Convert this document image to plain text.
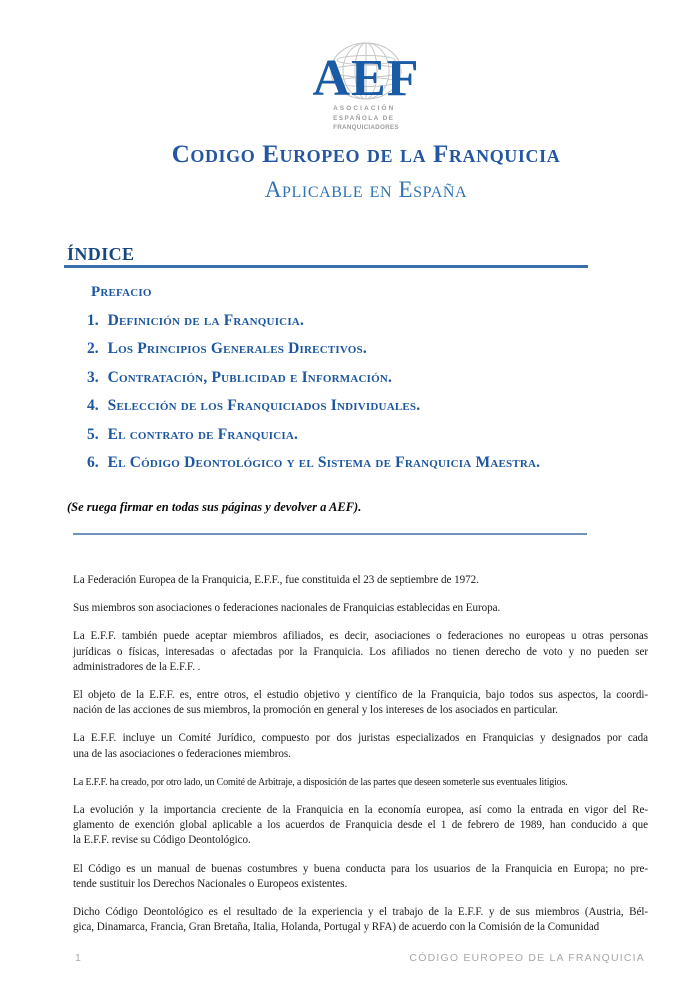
AEF
ASOCIACIÓN
ESPAÑOLA DE
FRANQUICIADORES
Codigo Europeo de la Franquicia
Aplicable en España
ÍNDICE
Prefacio
1. Definición de la Franquicia.
2. Los Principios Generales Directivos.
3. Contratación, Publicidad e Información.
4. Selección de los Franquiciados Individuales.
5. El contrato de Franquicia.
6. El Código Deontológico y el Sistema de Franquicia Maestra.
(Se ruega firmar en todas sus páginas y devolver a AEF).
La Federación Europea de la Franquicia, E.F.F., fue constituida el 23 de septiembre de 1972.
Sus miembros son asociaciones o federaciones nacionales de Franquicias establecidas en Europa.
La E.F.F. también puede aceptar miembros afiliados, es decir, asociaciones o federaciones no europeas u otras personas
jurídicas o físicas, interesadas o afectadas por la Franquicia. Los afiliados no tienen derecho de voto y no pueden ser
administradores de la E.F.F. .
El objeto de la E.F.F. es, entre otros, el estudio objetivo y científico de la Franquicia, bajo todos sus aspectos, la coordi-
nación de las acciones de sus miembros, la promoción en general y los intereses de los asociados en particular.
La E.F.F. incluye un Comité Jurídico, compuesto por dos juristas especializados en Franquicias y designados por cada
una de las asociaciones o federaciones miembros.
La E.F.F. ha creado, por otro lado, un Comité de Arbitraje, a disposición de las partes que deseen someterle sus eventuales litigios.
La evolución y la importancia creciente de la Franquicia en la economía europea, así como la entrada en vigor del Re-
glamento de exención global aplicable a los acuerdos de Franquicia desde el 1 de febrero de 1989, han conducido a que
la E.F.F. revise su Código Deontológico.
El Código es un manual de buenas costumbres y buena conducta para los usuarios de la Franquicia en Europa; no pre-
tende sustituir los Derechos Nacionales o Europeos existentes.
Dicho Código Deontológico es el resultado de la experiencia y el trabajo de la E.F.F. y de sus miembros (Austria, Bél-
gica, Dinamarca, Francia, Gran Bretaña, Italia, Holanda, Portugal y RFA) de acuerdo con la Comisión de la Comunidad
1	CÓDIGO EUROPEO DE LA FRANQUICIA
